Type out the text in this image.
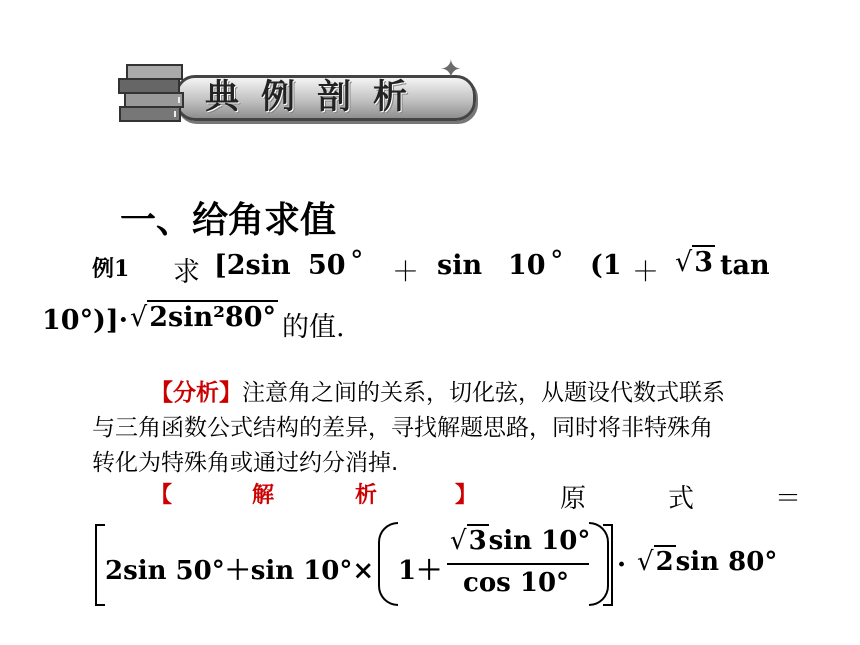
典例剖析
✦
一、给角求值
例1 求 [2sin 50 ° ＋ sin 10 ° (1 ＋ √3 tan
10°)]· √2sin²80° 的值.
【分析】注意角之间的关系，切化弦，从题设代数式联系
与三角函数公式结构的差异，寻找解题思路，同时将非特殊角
转化为特殊角或通过约分消掉.
【	解	析	】	原	式	＝
2sin 50°＋sin 10°× 1＋
√3sin 10°
cos 10°
· √2sin 80°
